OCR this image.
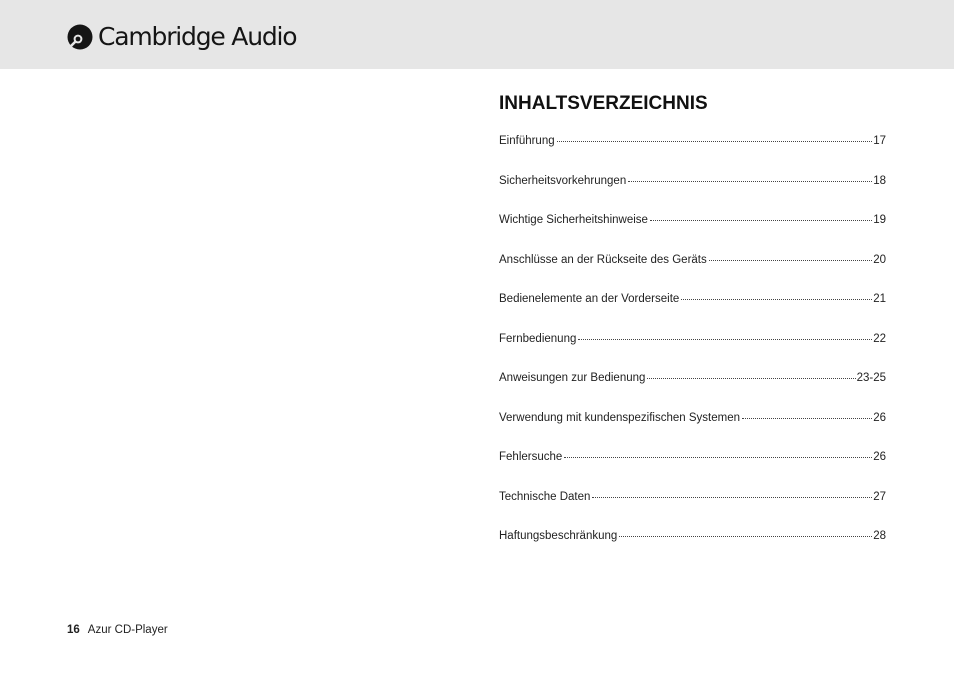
Cambridge Audio
INHALTSVERZEICHNIS
Einführung	17
Sicherheitsvorkehrungen	18
Wichtige Sicherheitshinweise	19
Anschlüsse an der Rückseite des Geräts	20
Bedienelemente an der Vorderseite	21
Fernbedienung	22
Anweisungen zur Bedienung	23-25
Verwendung mit kundenspezifischen Systemen	26
Fehlersuche	26
Technische Daten	27
Haftungsbeschränkung	28
16 Azur CD-Player
